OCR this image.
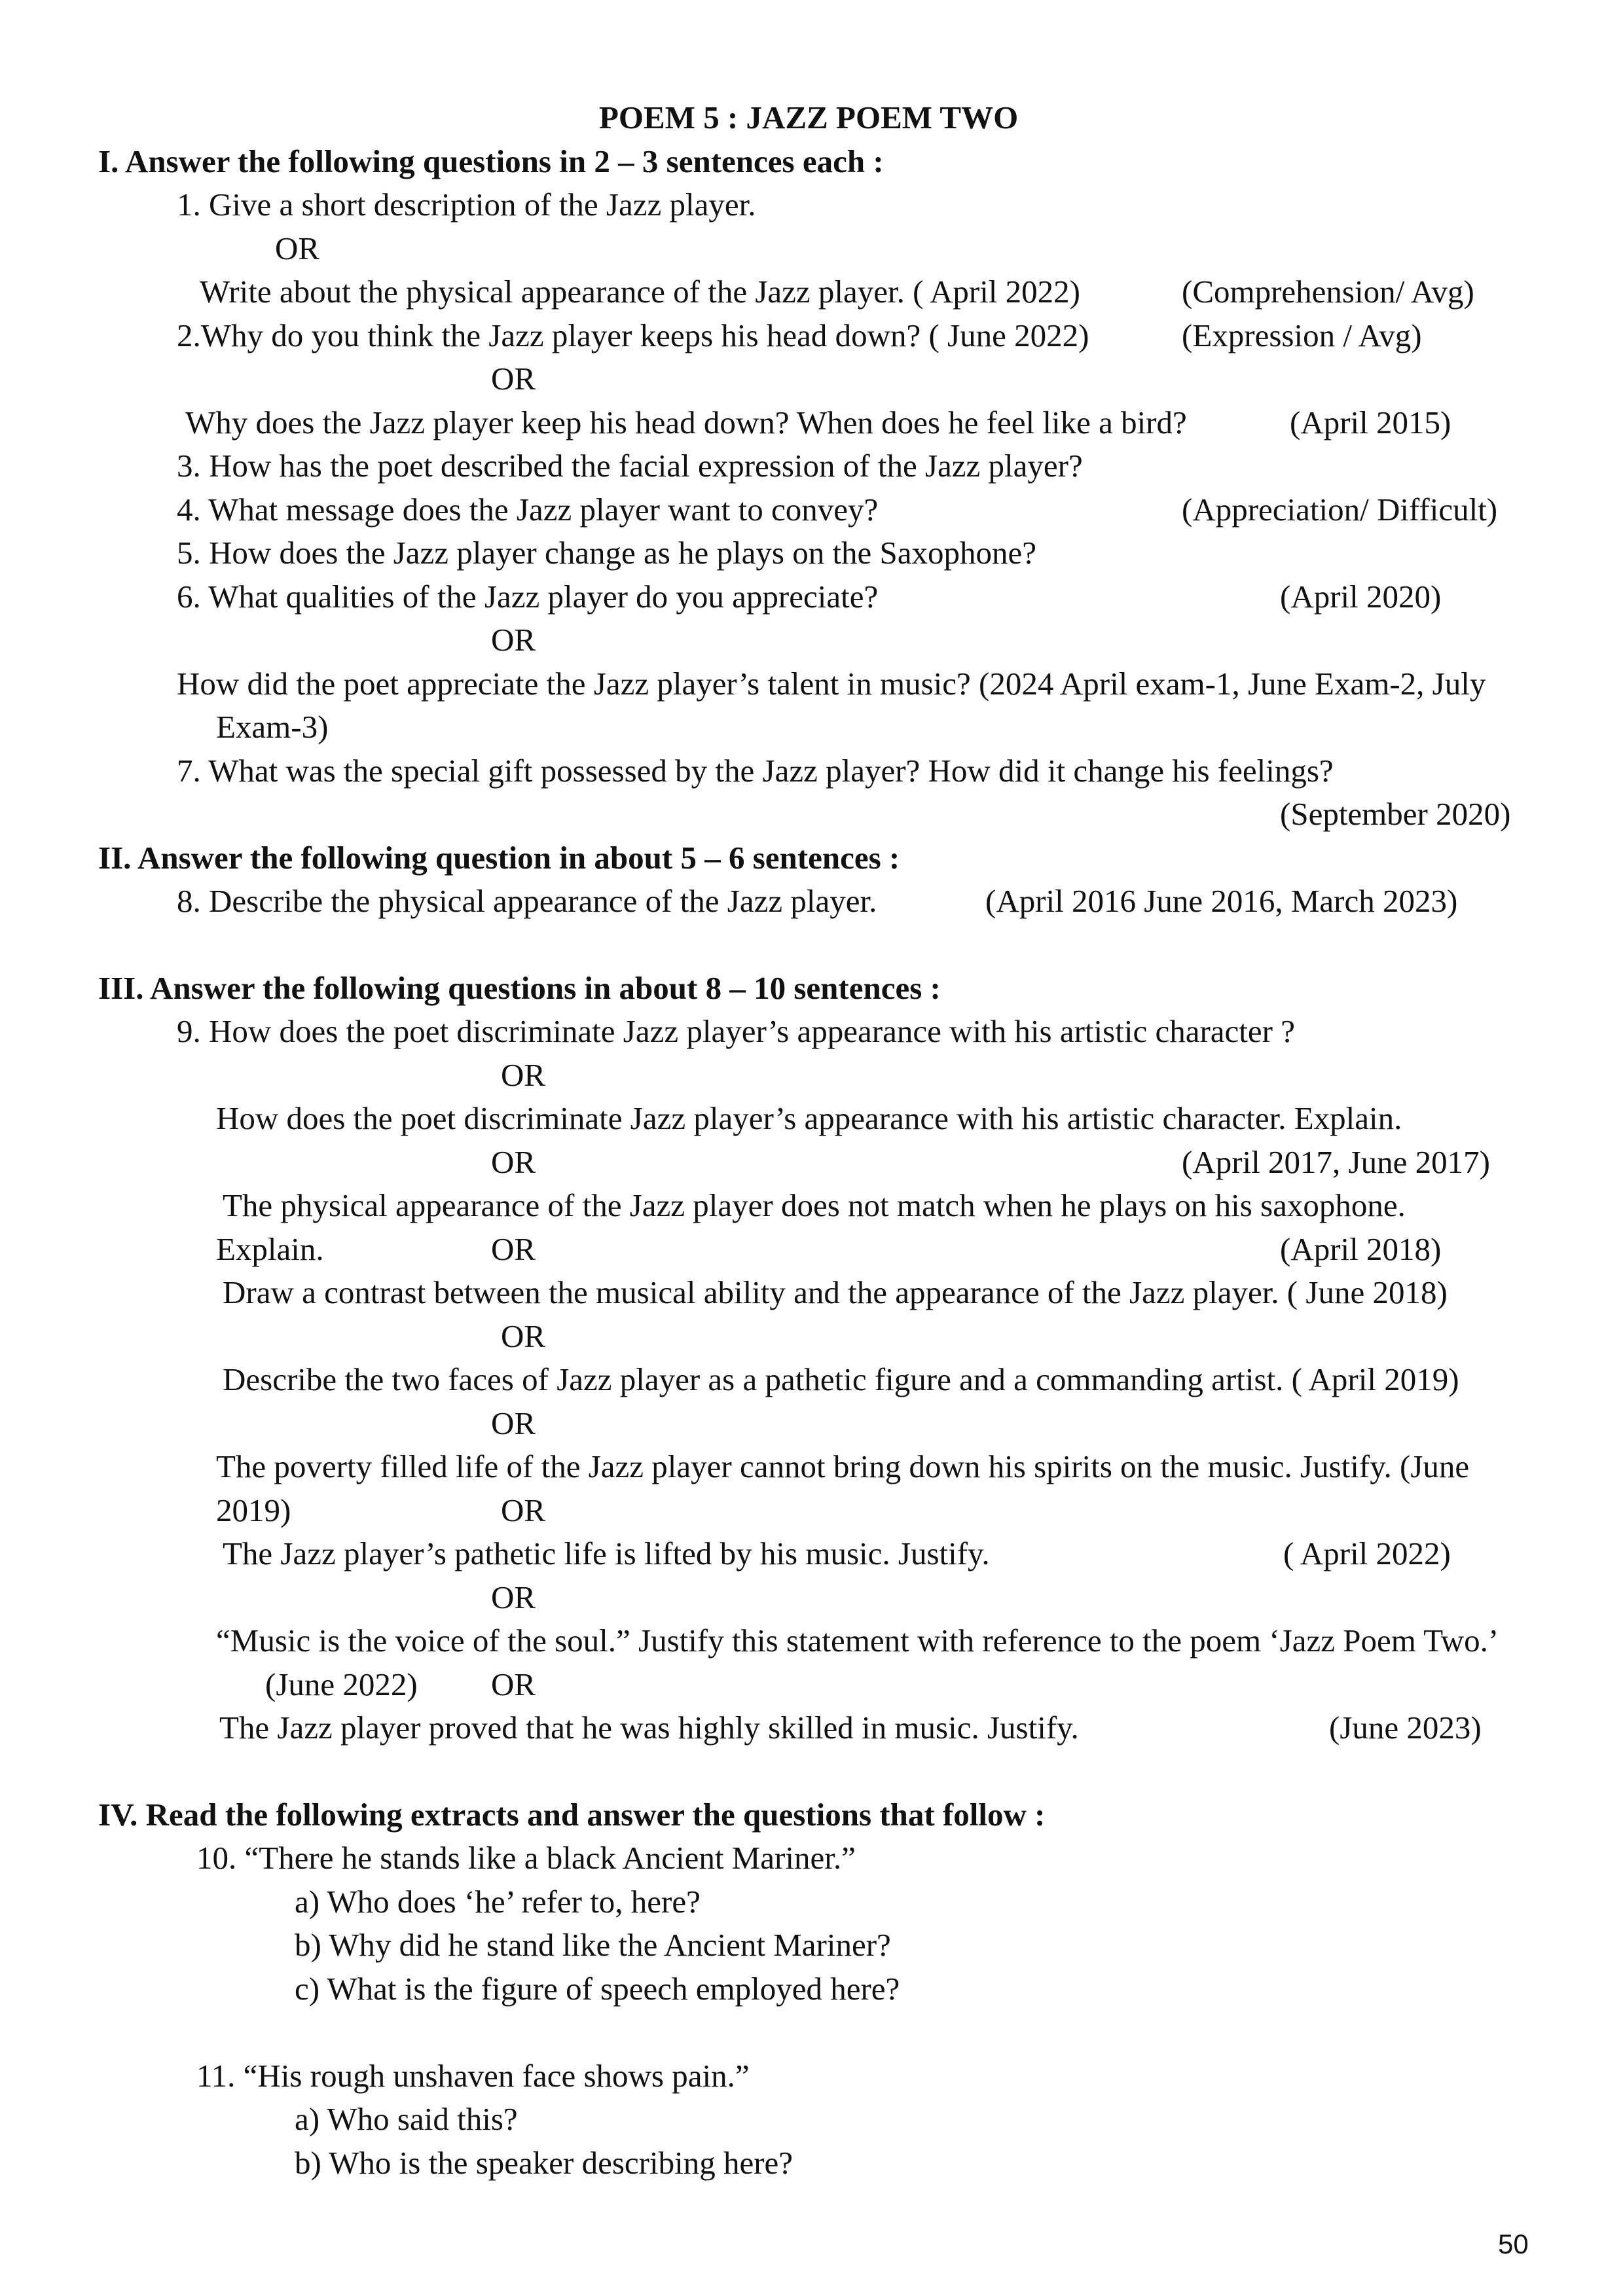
POEM 5 : JAZZ POEM TWO
I. Answer the following questions in 2 – 3 sentences each :
1. Give a short description of the Jazz player.
OR
Write about the physical appearance of the Jazz player. ( April 2022)	(Comprehension/ Avg)
2.Why do you think the Jazz player keeps his head down? ( June 2022)	(Expression / Avg)
OR
Why does the Jazz player keep his head down? When does he feel like a bird?	(April 2015)
3. How has the poet described the facial expression of the Jazz player?
4. What message does the Jazz player want to convey?	(Appreciation/ Difficult)
5. How does the Jazz player change as he plays on the Saxophone?
6. What qualities of the Jazz player do you appreciate?	(April 2020)
OR
How did the poet appreciate the Jazz player’s talent in music? (2024 April exam-1, June Exam-2, July
Exam-3)
7. What was the special gift possessed by the Jazz player? How did it change his feelings?
(September 2020)
II. Answer the following question in about 5 – 6 sentences :
8. Describe the physical appearance of the Jazz player.	(April 2016 June 2016, March 2023)
III. Answer the following questions in about 8 – 10 sentences :
9. How does the poet discriminate Jazz player’s appearance with his artistic character ?
OR
How does the poet discriminate Jazz player’s appearance with his artistic character. Explain.
OR	(April 2017, June 2017)
The physical appearance of the Jazz player does not match when he plays on his saxophone.
Explain.	OR	(April 2018)
Draw a contrast between the musical ability and the appearance of the Jazz player. ( June 2018)
OR
Describe the two faces of Jazz player as a pathetic figure and a commanding artist. ( April 2019)
OR
The poverty filled life of the Jazz player cannot bring down his spirits on the music. Justify. (June
2019)	OR
The Jazz player’s pathetic life is lifted by his music. Justify.	( April 2022)
OR
“Music is the voice of the soul.” Justify this statement with reference to the poem ‘Jazz Poem Two.’
(June 2022) OR
The Jazz player proved that he was highly skilled in music. Justify.	(June 2023)
IV. Read the following extracts and answer the questions that follow :
10. “There he stands like a black Ancient Mariner.”
a) Who does ‘he’ refer to, here?
b) Why did he stand like the Ancient Mariner?
c) What is the figure of speech employed here?
11. “His rough unshaven face shows pain.”
a) Who said this?
b) Who is the speaker describing here?
50
